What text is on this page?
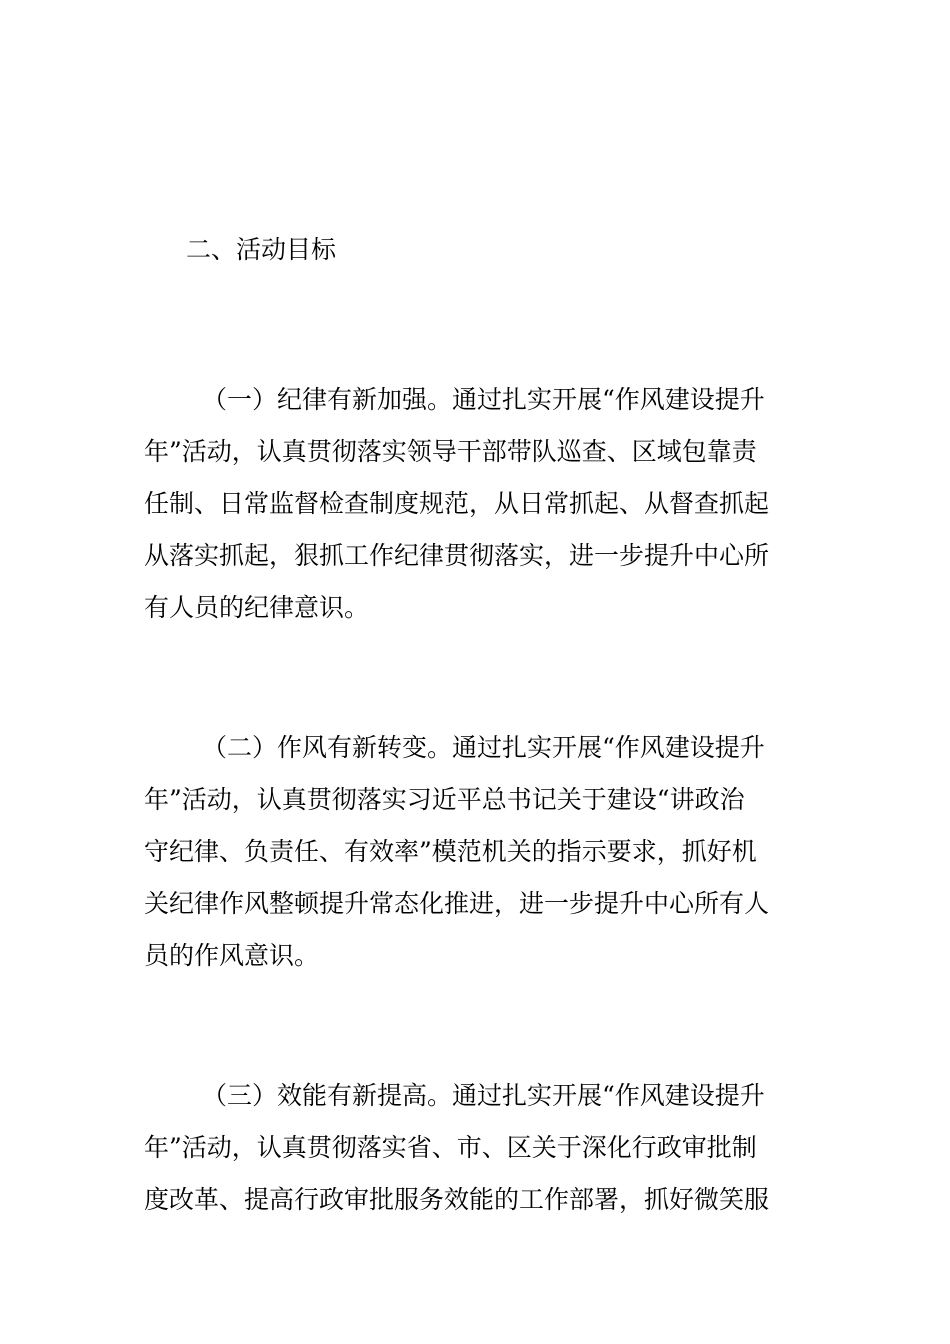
二、活动目标
（一）纪律有新加强。通过扎实开展“作风建设提升
年”活动，认真贯彻落实领导干部带队巡查、区域包靠责
任制、日常监督检查制度规范，从日常抓起、从督查抓起
从落实抓起，狠抓工作纪律贯彻落实，进一步提升中心所
有人员的纪律意识。
（二）作风有新转变。通过扎实开展“作风建设提升
年”活动，认真贯彻落实习近平总书记关于建设“讲政治
守纪律、负责任、有效率”模范机关的指示要求，抓好机
关纪律作风整顿提升常态化推进，进一步提升中心所有人
员的作风意识。
（三）效能有新提高。通过扎实开展“作风建设提升
年”活动，认真贯彻落实省、市、区关于深化行政审批制
度改革、提高行政审批服务效能的工作部署，抓好微笑服
